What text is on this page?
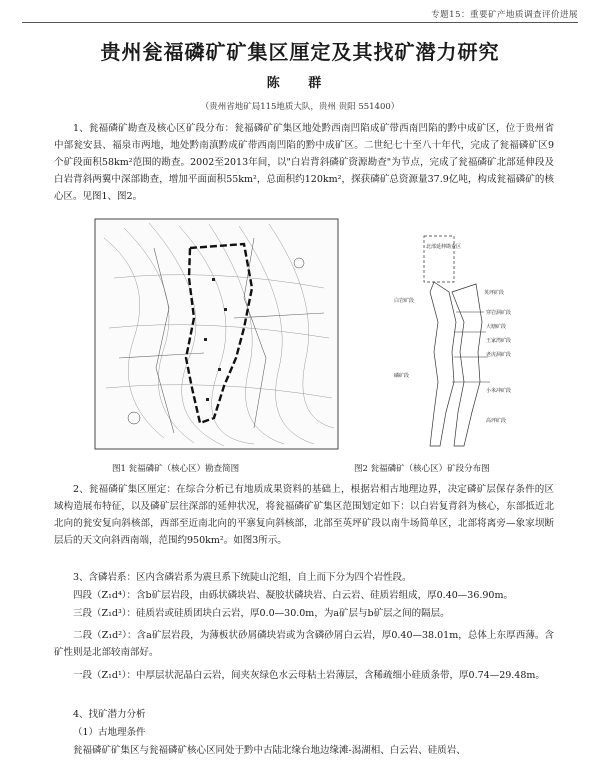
专题15：重要矿产地质调查评价进展
贵州瓮福磷矿矿集区厘定及其找矿潜力研究
陈 群
（贵州省地矿局115地质大队，贵州 贵阳 551400）

1、瓮福磷矿勘查及核心区矿段分布：瓮福磷矿矿集区地处黔西南凹陷成矿带西南凹陷的黔中成矿区，位于贵州省中部瓮安县、福泉市两地，地处黔南滇黔成矿带西南凹陷的黔中成矿区。二世纪七十至八十年代，完成了瓮福磷矿区9个矿段面积58km²范围的勘查。2002至2013年间，以"白岩背斜磷矿资源勘查"为节点，完成了瓮福磷矿北部延伸段及白岩背斜两翼中深部勘查，增加平面面积55km²，总面积约120km²，探获磷矿总资源量37.9亿吨，构成瓮福磷矿的核心区。见图1、图2。

北部延伸勘查区
英坪矿段
穿岩洞矿段
大塘矿段
王家湾矿段
老虎洞矿段
白岩矿段
磷矿段
小米冲矿段
高坪矿段
图1 瓮福磷矿（核心区）勘查简图	图2 瓮福磷矿（核心区）矿段分布图

2、瓮福磷矿集区厘定：在综合分析已有地质成果资料的基础上，根据岩相古地理边界，决定磷矿层保存条件的区域构造展布特征，以及磷矿层往深部的延伸状况，将瓮福磷矿矿集区范围划定如下：以白岩复背斜为核心，东部抵近北北向的瓮安复向斜核部，西部至近南北向的平寨复向斜核部，北部至英坪矿段以南牛场简单区，北部将离旁—象家坝断层后的天文向斜西南端，范围约950km²。如图3所示。

3、含磷岩系：区内含磷岩系为震旦系下统陡山沱组，自上而下分为四个岩性段。

四段（Z₁d⁴）：含b矿层岩段，由砾状磷块岩、凝胶状磷块岩、白云岩、硅质岩组成，厚0.40—36.90m。

三段（Z₁d³）：硅质岩或硅质团块白云岩，厚0.0—30.0m，为a矿层与b矿层之间的隔层。

二段（Z₁d²）：含a矿层岩段，为薄板状砂屑磷块岩或为含磷砂屑白云岩，厚0.40—38.01m，总体上东厚西薄。含矿性则是北部较南部好。

一段（Z₁d¹）：中厚层状泥晶白云岩，间夹灰绿色水云母粘土岩薄层，含稀疏细小硅质条带，厚0.74—29.48m。

4、找矿潜力分析

（1）古地理条件

瓮福磷矿矿集区与瓮福磷矿核心区同处于黔中古陆北缘台地边缘滩-潟湖相、白云岩、硅质岩、
